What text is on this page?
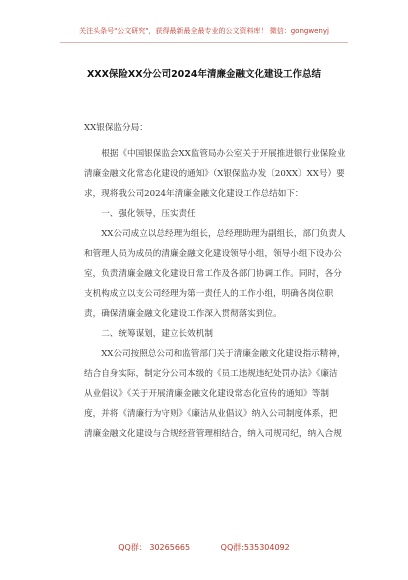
关注头条号"公文研究"，获得最新最全最专业的公文资料库！ 微信：gongwenyj
XXX保险XX分公司2024年清廉金融文化建设工作总结

XX银保监分局：

根据《中国银保监会XX监管局办公室关于开展推进银行业保险业清廉金融文化常态化建设的通知》（X银保监办发〔20XX〕XX号）要求，现将我公司2024年清廉金融文化建设工作总结如下：

一、强化领导，压实责任

XX公司成立以总经理为组长，总经理助理为副组长，部门负责人和管理人员为成员的清廉金融文化建设领导小组，领导小组下设办公室，负责清廉金融文化建设日常工作及各部门协调工作。同时，各分支机构成立以支公司经理为第一责任人的工作小组，明确各岗位职责，确保清廉金融文化建设工作深入贯彻落实到位。

二、统筹谋划，建立长效机制

XX公司按照总公司和监管部门关于清廉金融文化建设指示精神，结合自身实际，制定分公司本级的《员工违规违纪处罚办法》《廉洁从业倡议》《关于开展清廉金融文化建设常态化宣传的通知》等制度，并将《清廉行为守则》《廉洁从业倡议》纳入公司制度体系，把清廉金融文化建设与合规经营管理相结合，纳入司规司纪，纳入合规

QQ群： 30265665	QQ群:535304092
